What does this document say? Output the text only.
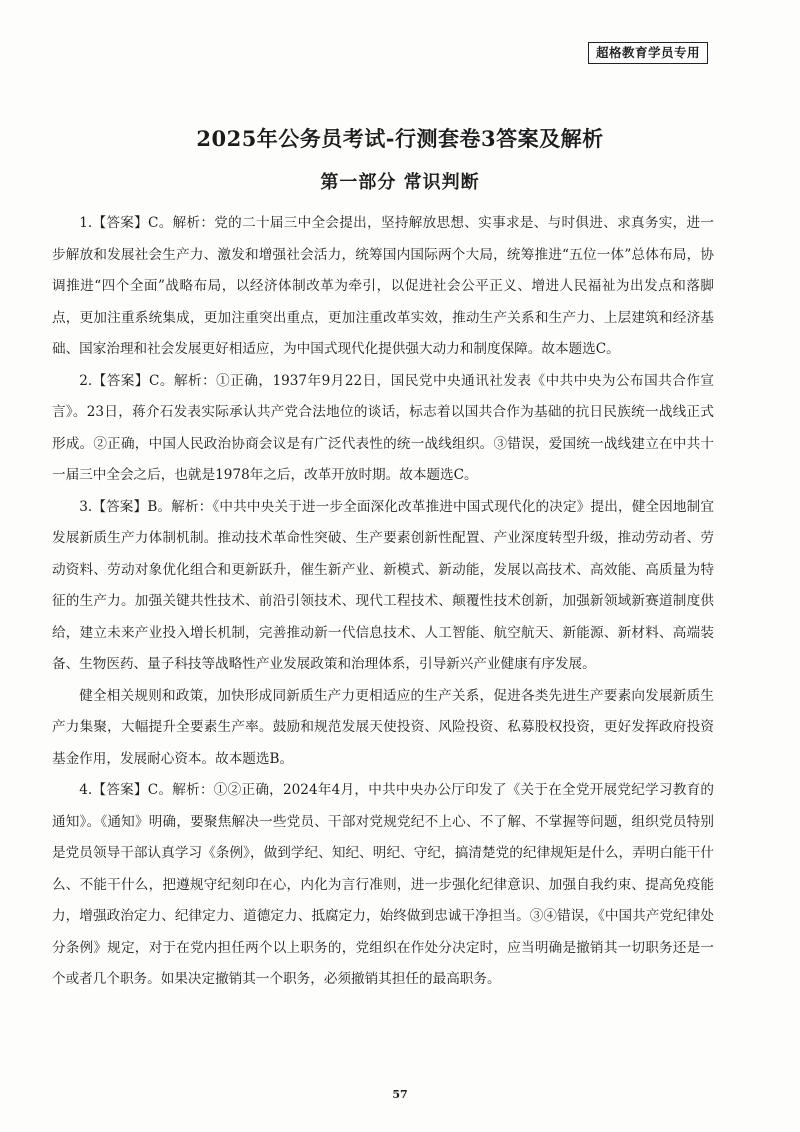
超格教育学员专用
2025年公务员考试-行测套卷3答案及解析
第一部分 常识判断

1.【答案】C。解析：党的二十届三中全会提出，坚持解放思想、实事求是、与时俱进、求真务实，进一步解放和发展社会生产力、激发和增强社会活力，统筹国内国际两个大局，统筹推进“五位一体”总体布局，协调推进“四个全面”战略布局，以经济体制改革为牵引，以促进社会公平正义、增进人民福祉为出发点和落脚点，更加注重系统集成，更加注重突出重点，更加注重改革实效，推动生产关系和生产力、上层建筑和经济基础、国家治理和社会发展更好相适应，为中国式现代化提供强大动力和制度保障。故本题选C。

2.【答案】C。解析：①正确，1937年9月22日，国民党中央通讯社发表《中共中央为公布国共合作宣言》。23日，蒋介石发表实际承认共产党合法地位的谈话，标志着以国共合作为基础的抗日民族统一战线正式形成。②正确，中国人民政治协商会议是有广泛代表性的统一战线组织。③错误，爱国统一战线建立在中共十一届三中全会之后，也就是1978年之后，改革开放时期。故本题选C。

3.【答案】B。解析：《中共中央关于进一步全面深化改革推进中国式现代化的决定》提出，健全因地制宜发展新质生产力体制机制。推动技术革命性突破、生产要素创新性配置、产业深度转型升级，推动劳动者、劳动资料、劳动对象优化组合和更新跃升，催生新产业、新模式、新动能，发展以高技术、高效能、高质量为特征的生产力。加强关键共性技术、前沿引领技术、现代工程技术、颠覆性技术创新，加强新领域新赛道制度供给，建立未来产业投入增长机制，完善推动新一代信息技术、人工智能、航空航天、新能源、新材料、高端装备、生物医药、量子科技等战略性产业发展政策和治理体系，引导新兴产业健康有序发展。

健全相关规则和政策，加快形成同新质生产力更相适应的生产关系，促进各类先进生产要素向发展新质生产力集聚，大幅提升全要素生产率。鼓励和规范发展天使投资、风险投资、私募股权投资，更好发挥政府投资基金作用，发展耐心资本。故本题选B。

4.【答案】C。解析：①②正确，2024年4月，中共中央办公厅印发了《关于在全党开展党纪学习教育的通知》。《通知》明确，要聚焦解决一些党员、干部对党规党纪不上心、不了解、不掌握等问题，组织党员特别是党员领导干部认真学习《条例》，做到学纪、知纪、明纪、守纪，搞清楚党的纪律规矩是什么，弄明白能干什么、不能干什么，把遵规守纪刻印在心，内化为言行准则，进一步强化纪律意识、加强自我约束、提高免疫能力，增强政治定力、纪律定力、道德定力、抵腐定力，始终做到忠诚干净担当。③④错误，《中国共产党纪律处分条例》规定，对于在党内担任两个以上职务的，党组织在作处分决定时，应当明确是撤销其一切职务还是一个或者几个职务。如果决定撤销其一个职务，必须撤销其担任的最高职务。

57
